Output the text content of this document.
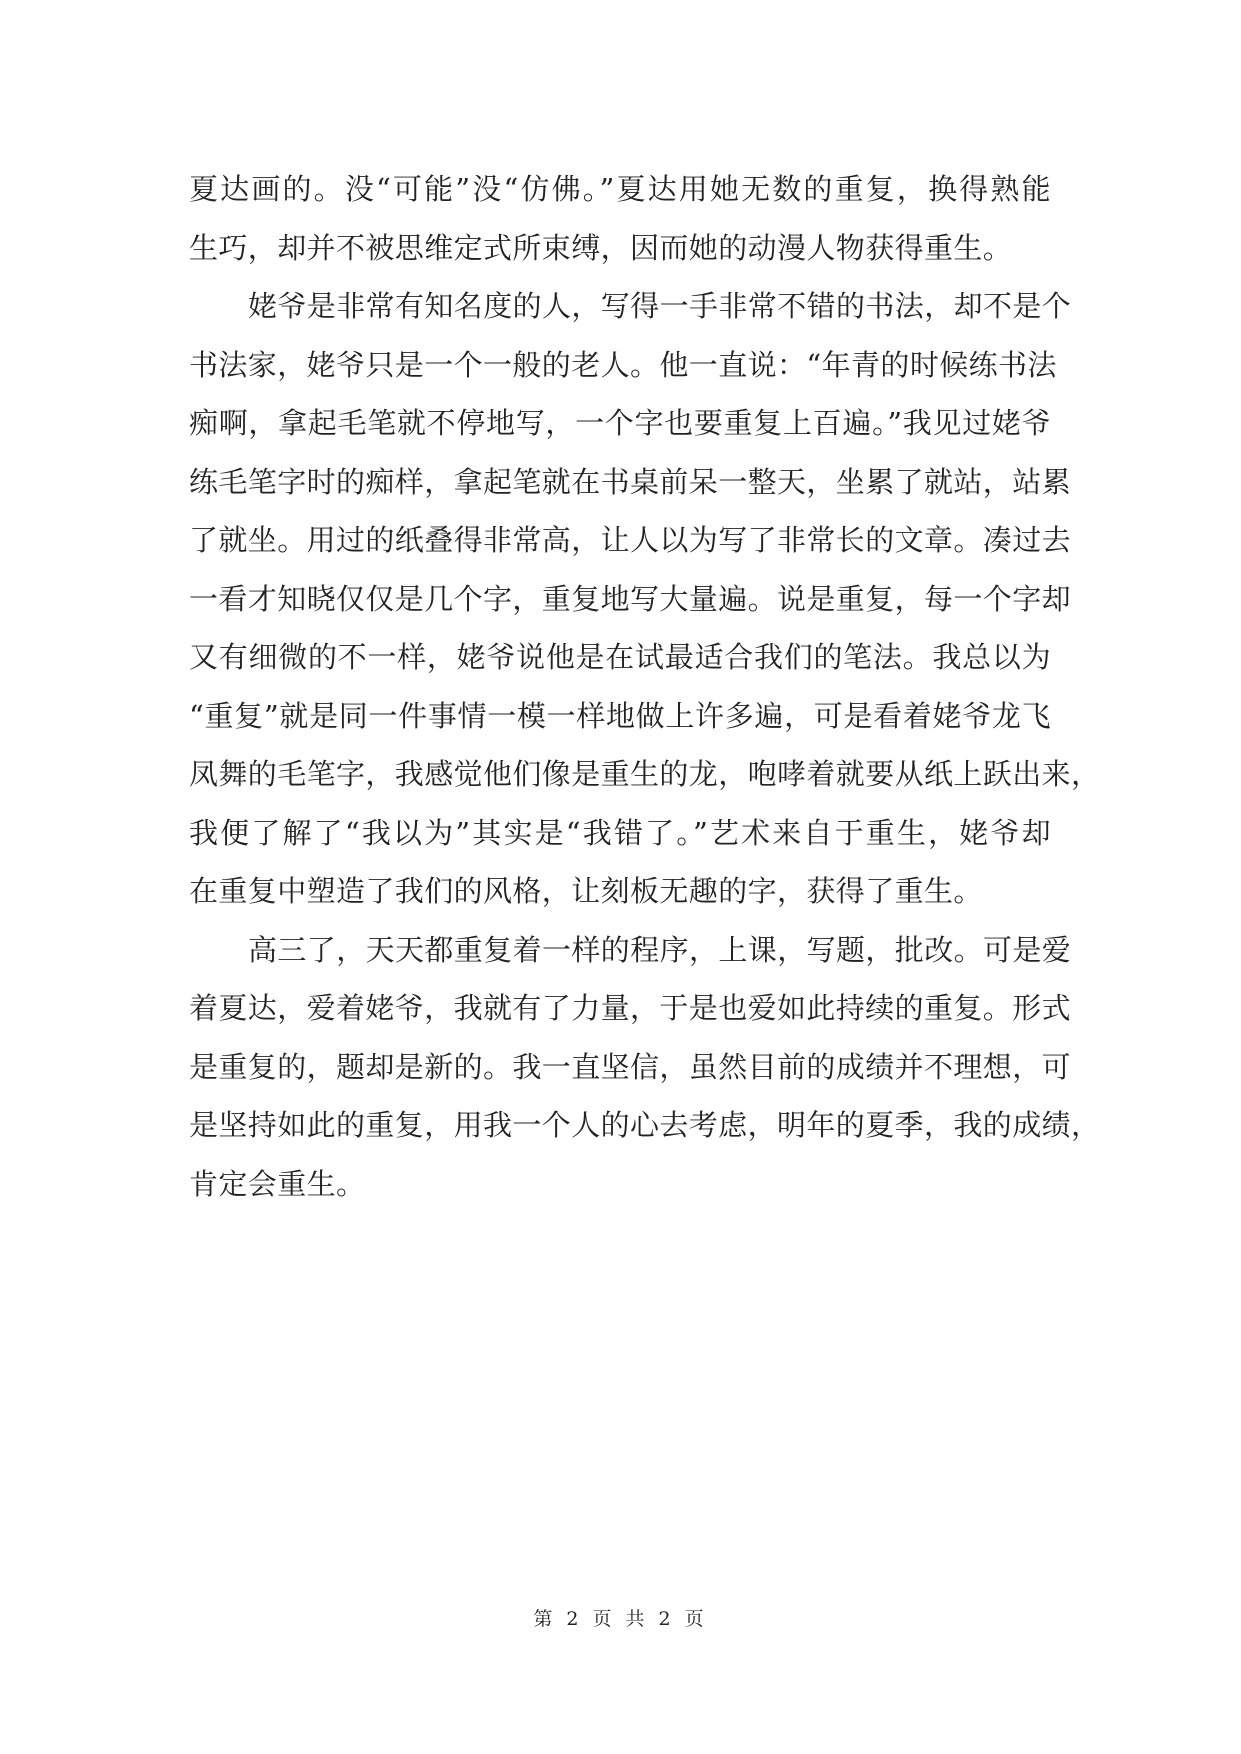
夏达画的。没“可能”没“仿佛。”夏达用她无数的重复，换得熟能
生巧，却并不被思维定式所束缚，因而她的动漫人物获得重生。
姥爷是非常有知名度的人，写得一手非常不错的书法，却不是个
书法家，姥爷只是一个一般的老人。他一直说：“年青的时候练书法
痴啊，拿起毛笔就不停地写，一个字也要重复上百遍。”我见过姥爷
练毛笔字时的痴样，拿起笔就在书桌前呆一整天，坐累了就站，站累
了就坐。用过的纸叠得非常高，让人以为写了非常长的文章。凑过去
一看才知晓仅仅是几个字，重复地写大量遍。说是重复，每一个字却
又有细微的不一样，姥爷说他是在试最适合我们的笔法。我总以为
“重复”就是同一件事情一模一样地做上许多遍，可是看着姥爷龙飞
凤舞的毛笔字，我感觉他们像是重生的龙，咆哮着就要从纸上跃出来，
我便了解了“我以为”其实是“我错了。”艺术来自于重生，姥爷却
在重复中塑造了我们的风格，让刻板无趣的字，获得了重生。
高三了，天天都重复着一样的程序，上课，写题，批改。可是爱
着夏达，爱着姥爷，我就有了力量，于是也爱如此持续的重复。形式
是重复的，题却是新的。我一直坚信，虽然目前的成绩并不理想，可
是坚持如此的重复，用我一个人的心去考虑，明年的夏季，我的成绩，
肯定会重生。
第 2 页 共 2 页
